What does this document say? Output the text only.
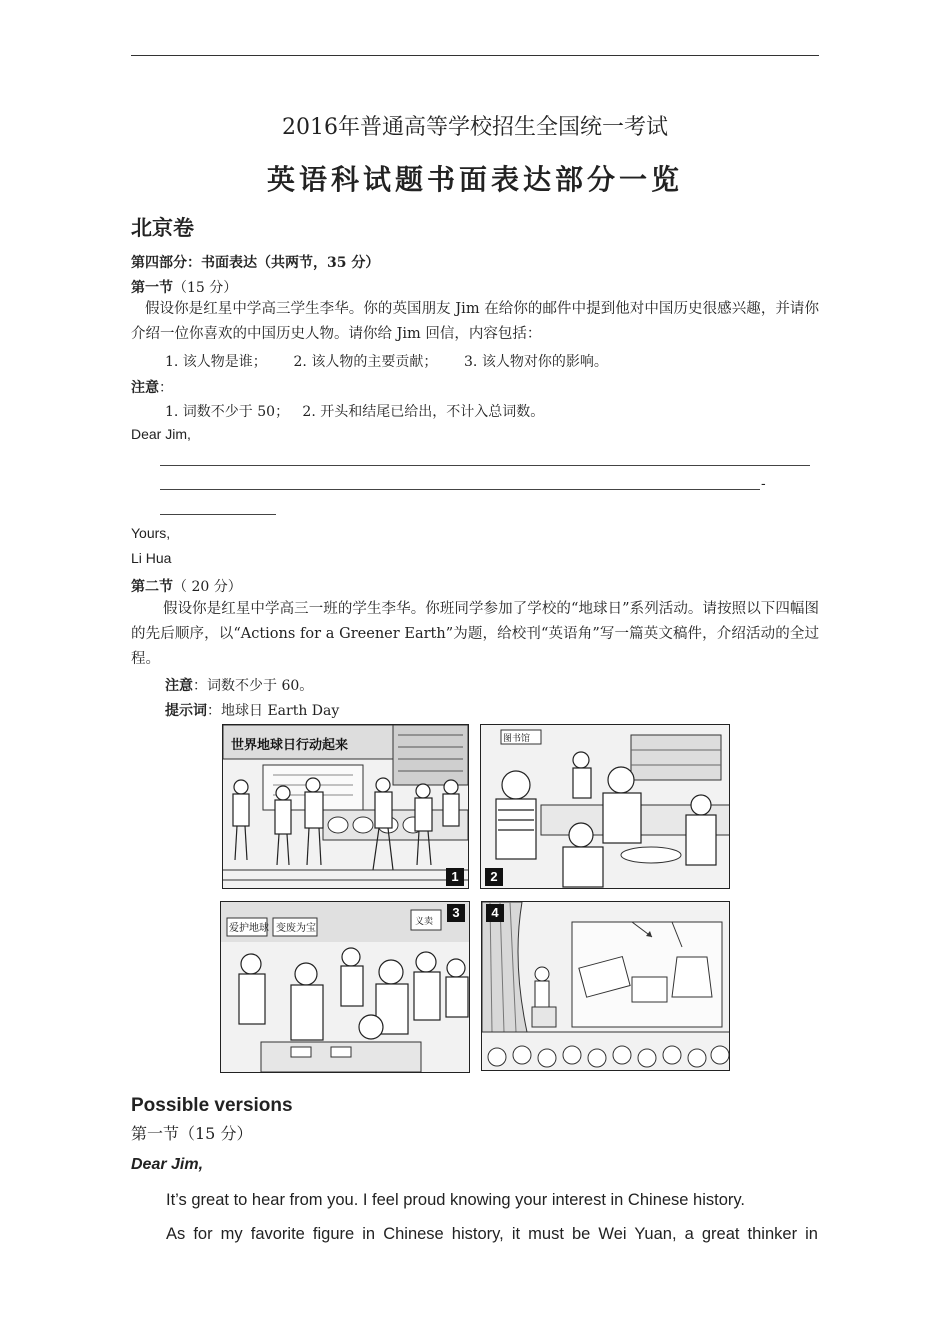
2016年普通高等学校招生全国统一考试
英语科试题书面表达部分一览
北京卷
第四部分：书面表达（共两节，35 分）
第一节（15 分）
假设你是红星中学高三学生李华。你的英国朋友 Jim 在给你的邮件中提到他对中国历史很感兴趣，并请你介绍一位你喜欢的中国历史人物。请你给 Jim 回信，内容包括：
1. 该人物是谁；      2. 该人物的主要贡献；      3. 该人物对你的影响。
注意：
1. 词数不少于 50；   2. 开头和结尾已给出，不计入总词数。
Dear Jim,
-
Yours,
Li Hua
第二节（ 20 分）
假设你是红星中学高三一班的学生李华。你班同学参加了学校的“地球日”系列活动。请按照以下四幅图的先后顺序，以“Actions for a Greener Earth”为题，给校刊“英语角”写一篇英文稿件，介绍活动的全过程。
注意：词数不少于 60。
提示词：地球日 Earth Day
世界地球日行动起来
1
图书馆
2
爱护地球 变废为宝
义卖
3	4
Possible versions
第一节（15 分）
Dear Jim,
It’s great to hear from you. I feel proud knowing your interest in Chinese history.
As for my favorite figure in Chinese history, it must be Wei Yuan, a great thinker in
